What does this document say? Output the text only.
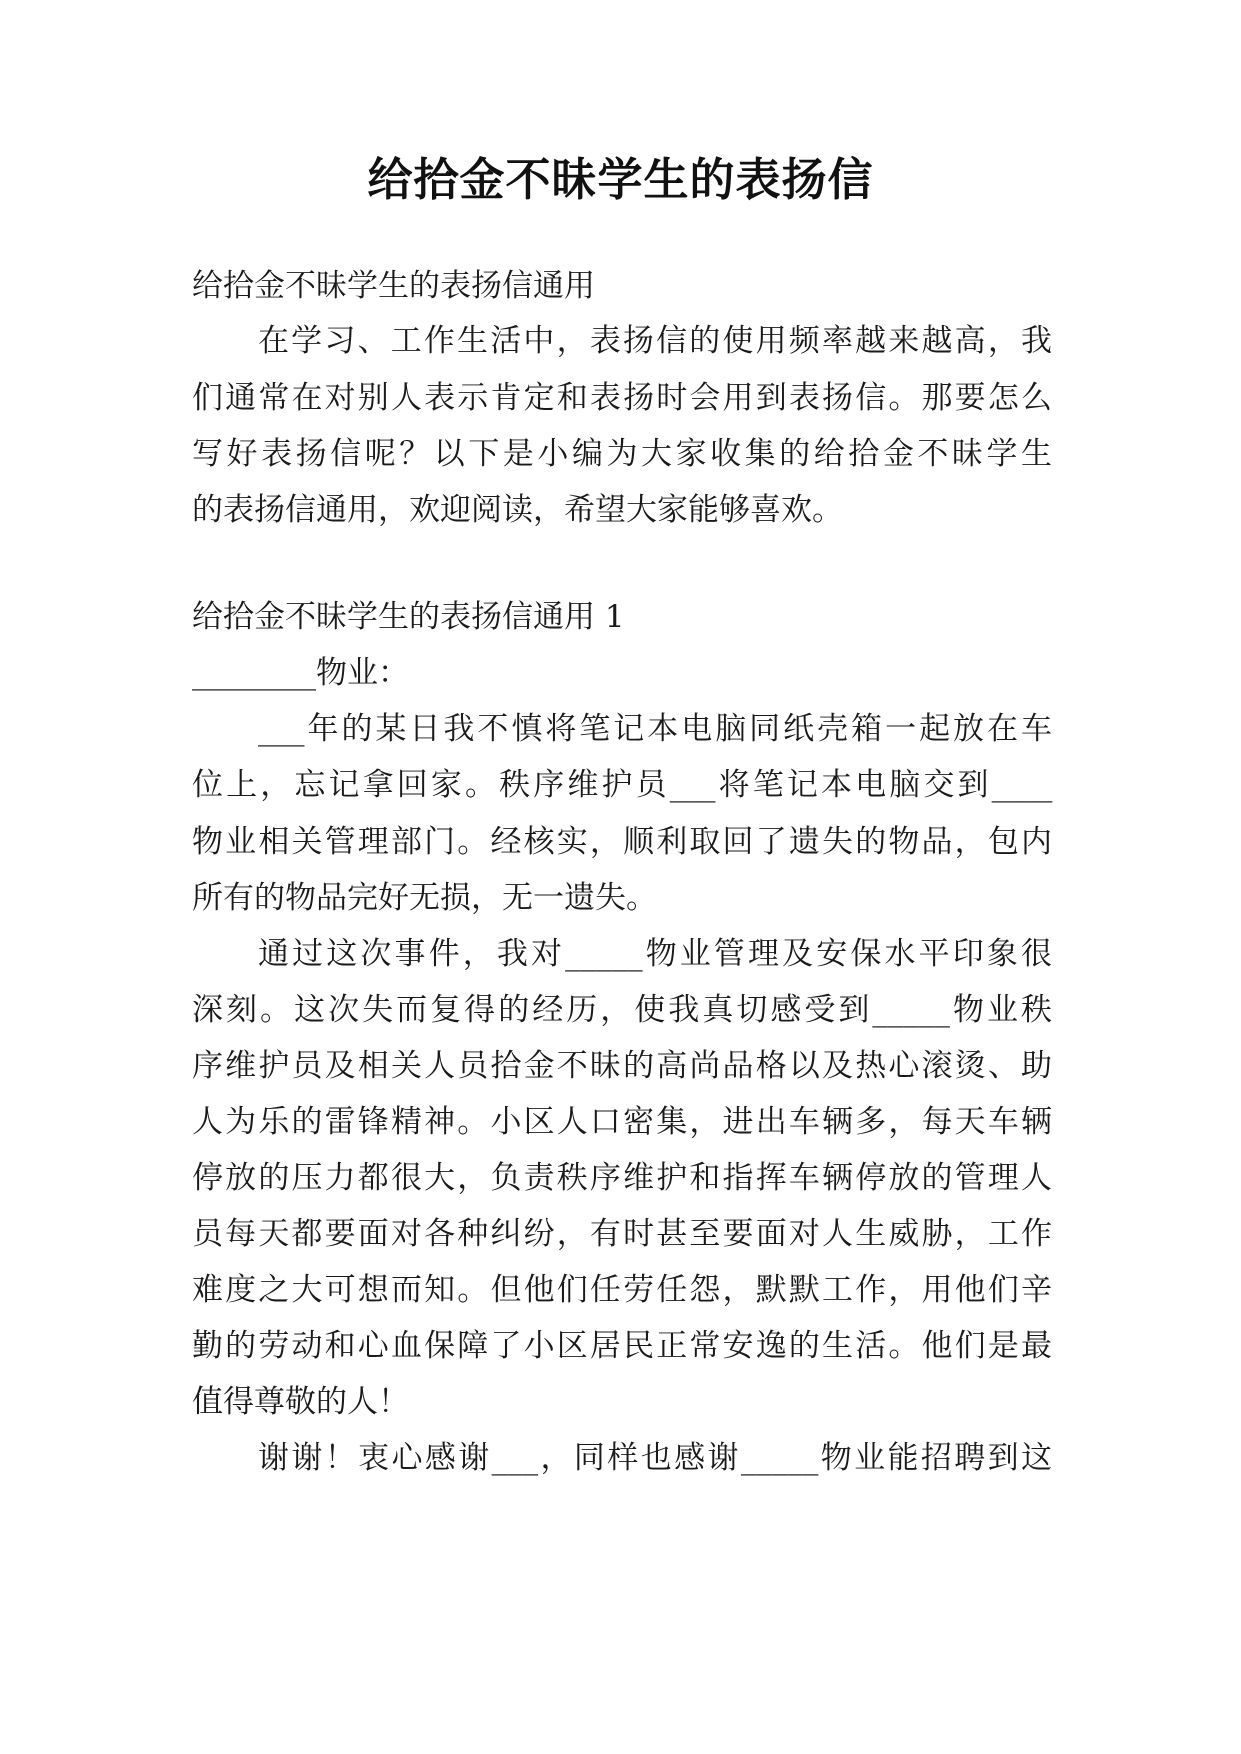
给拾金不昧学生的表扬信
给拾金不昧学生的表扬信通用
在学习、工作生活中，表扬信的使用频率越来越高，我
们通常在对别人表示肯定和表扬时会用到表扬信。那要怎么
写好表扬信呢？以下是小编为大家收集的给拾金不昧学生
的表扬信通用，欢迎阅读，希望大家能够喜欢。
给拾金不昧学生的表扬信通用 1
________物业：
___年的某日我不慎将笔记本电脑同纸壳箱一起放在车
位上，忘记拿回家。秩序维护员___将笔记本电脑交到____
物业相关管理部门。经核实，顺利取回了遗失的物品，包内
所有的物品完好无损，无一遗失。
通过这次事件，我对_____物业管理及安保水平印象很
深刻。这次失而复得的经历，使我真切感受到_____物业秩
序维护员及相关人员拾金不昧的高尚品格以及热心滚烫、助
人为乐的雷锋精神。小区人口密集，进出车辆多，每天车辆
停放的压力都很大，负责秩序维护和指挥车辆停放的管理人
员每天都要面对各种纠纷，有时甚至要面对人生威胁，工作
难度之大可想而知。但他们任劳任怨，默默工作，用他们辛
勤的劳动和心血保障了小区居民正常安逸的生活。他们是最
值得尊敬的人！
谢谢！衷心感谢___，同样也感谢_____物业能招聘到这
